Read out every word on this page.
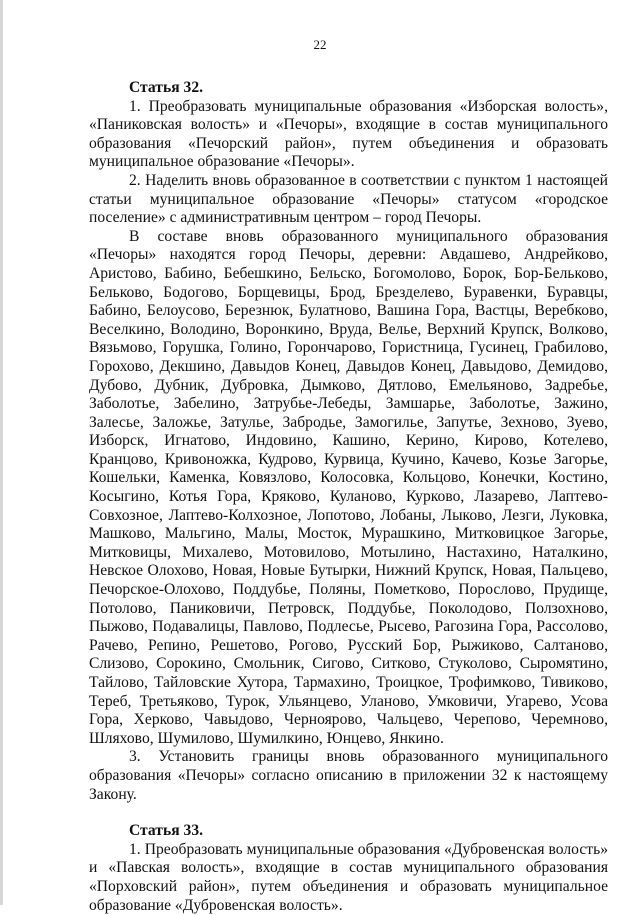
22

Статья 32.

1. Преобразовать муниципальные образования «Изборская волость», «Паниковская волость» и «Печоры», входящие в состав муниципального образования «Печорский район», путем объединения и образовать муниципальное образование «Печоры».

2. Наделить вновь образованное в соответствии с пунктом 1 настоящей статьи муниципальное образование «Печоры» статусом «городское поселение» с административным центром – город Печоры.

В составе вновь образованного муниципального образования «Печоры» находятся город Печоры, деревни: Авдашево, Андрейково, Аристово, Бабино, Бебешкино, Бельско, Богомолово, Борок, Бор-Бельково, Бельково, Бодогово, Борщевицы, Брод, Брезделево, Буравенки, Буравцы, Бабино, Белоусово, Березнюк, Булатново, Вашина Гора, Вастцы, Веребково, Веселкино, Володино, Воронкино, Вруда, Велье, Верхний Крупск, Волково, Вязьмово, Горушка, Голино, Горончарово, Гористница, Гусинец, Грабилово, Горохово, Декшино, Давыдов Конец, Давыдов Конец, Давыдово, Демидово, Дубово, Дубник, Дубровка, Дымково, Дятлово, Емельяново, Задребье, Заболотье, Забелино, Затрубье-Лебеды, Замшарье, Заболотье, Зажино, Залесье, Заложье, Затулье, Забродье, Замогилье, Запутье, Зехново, Зуево, Изборск, Игнатово, Индовино, Кашино, Керино, Кирово, Котелево, Кранцово, Кривоножка, Кудрово, Курвица, Кучино, Качево, Козье Загорье, Кошельки, Каменка, Ковязлово, Колосовка, Кольцово, Конечки, Костино, Косыгино, Котья Гора, Кряково, Куланово, Курково, Лазарево, Лаптево-Совхозное, Лаптево-Колхозное, Лопотово, Лобаны, Лыково, Лезги, Луковка, Машково, Мальгино, Малы, Мосток, Мурашкино, Митковицкое Загорье, Митковицы, Михалево, Мотовилово, Мотылино, Настахино, Наталкино, Невское Олохово, Новая, Новые Бутырки, Нижний Крупск, Новая, Пальцево, Печорское-Олохово, Поддубье, Поляны, Пометково, Порослово, Прудище, Потолово, Паниковичи, Петровск, Поддубье, Поколодово, Ползохново, Пыжово, Подавалицы, Павлово, Подлесье, Рысево, Рагозина Гора, Рассолово, Рачево, Репино, Решетово, Рогово, Русский Бор, Рыжиково, Салтаново, Слизово, Сорокино, Смольник, Сигово, Ситково, Стуколово, Сыромятино, Тайлово, Тайловские Хутора, Тармахино, Троицкое, Трофимково, Тивиково, Тереб, Третьяково, Турок, Ульянцево, Уланово, Умковичи, Угарево, Усова Гора, Херково, Чавыдово, Черноярово, Чальцево, Черепово, Черемново, Шляхово, Шумилово, Шумилкино, Юнцево, Янкино.

3. Установить границы вновь образованного муниципального образования «Печоры» согласно описанию в приложении 32 к настоящему Закону.

Статья 33.

1. Преобразовать муниципальные образования «Дубровенская волость» и «Павская волость», входящие в состав муниципального образования «Порховский район», путем объединения и образовать муниципальное образование «Дубровенская волость».
